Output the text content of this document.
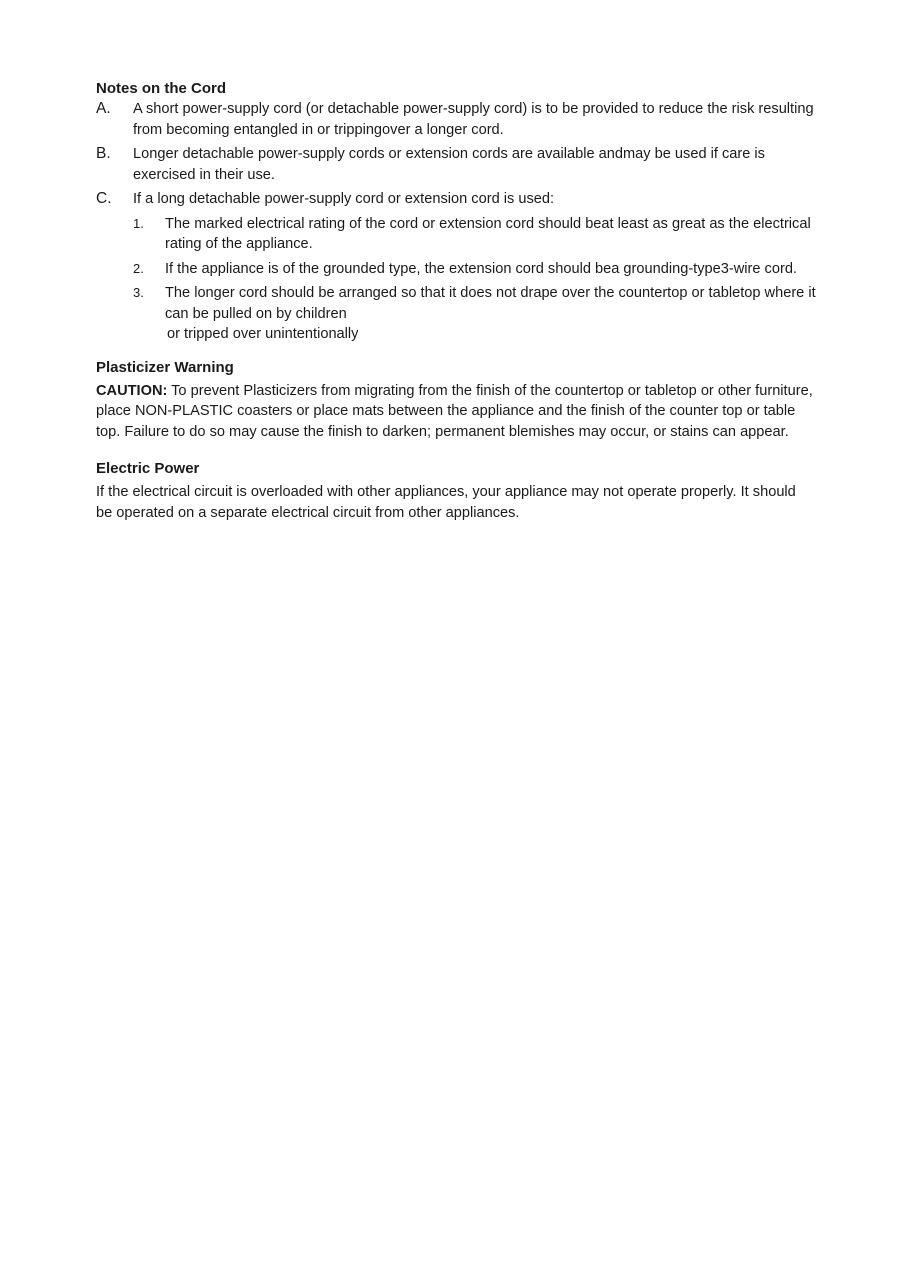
Notes on the Cord
A. A short power-supply cord (or detachable power-supply cord) is to be provided to reduce the risk resulting from becoming entangled in or trippingover a longer cord.
B. Longer detachable power-supply cords or extension cords are available andmay be used if care is exercised in their use.
C. If a long detachable power-supply cord or extension cord is used:
1. The marked electrical rating of the cord or extension cord should beat least as great as the electrical rating of the appliance.
2. If the appliance is of the grounded type, the extension cord should bea grounding-type3-wire cord.
3. The longer cord should be arranged so that it does not drape over the countertop or tabletop where it can be pulled on by children
or tripped over unintentionally
Plasticizer Warning

CAUTION: To prevent Plasticizers from migrating from the finish of the countertop or tabletop or other furniture, place NON-PLASTIC coasters or place mats between the appliance and the finish of the counter top or table top. Failure to do so may cause the finish to darken; permanent blemishes may occur, or stains can appear.

Electric Power

If the electrical circuit is overloaded with other appliances, your appliance may not operate properly. It should be operated on a separate electrical circuit from other appliances.
